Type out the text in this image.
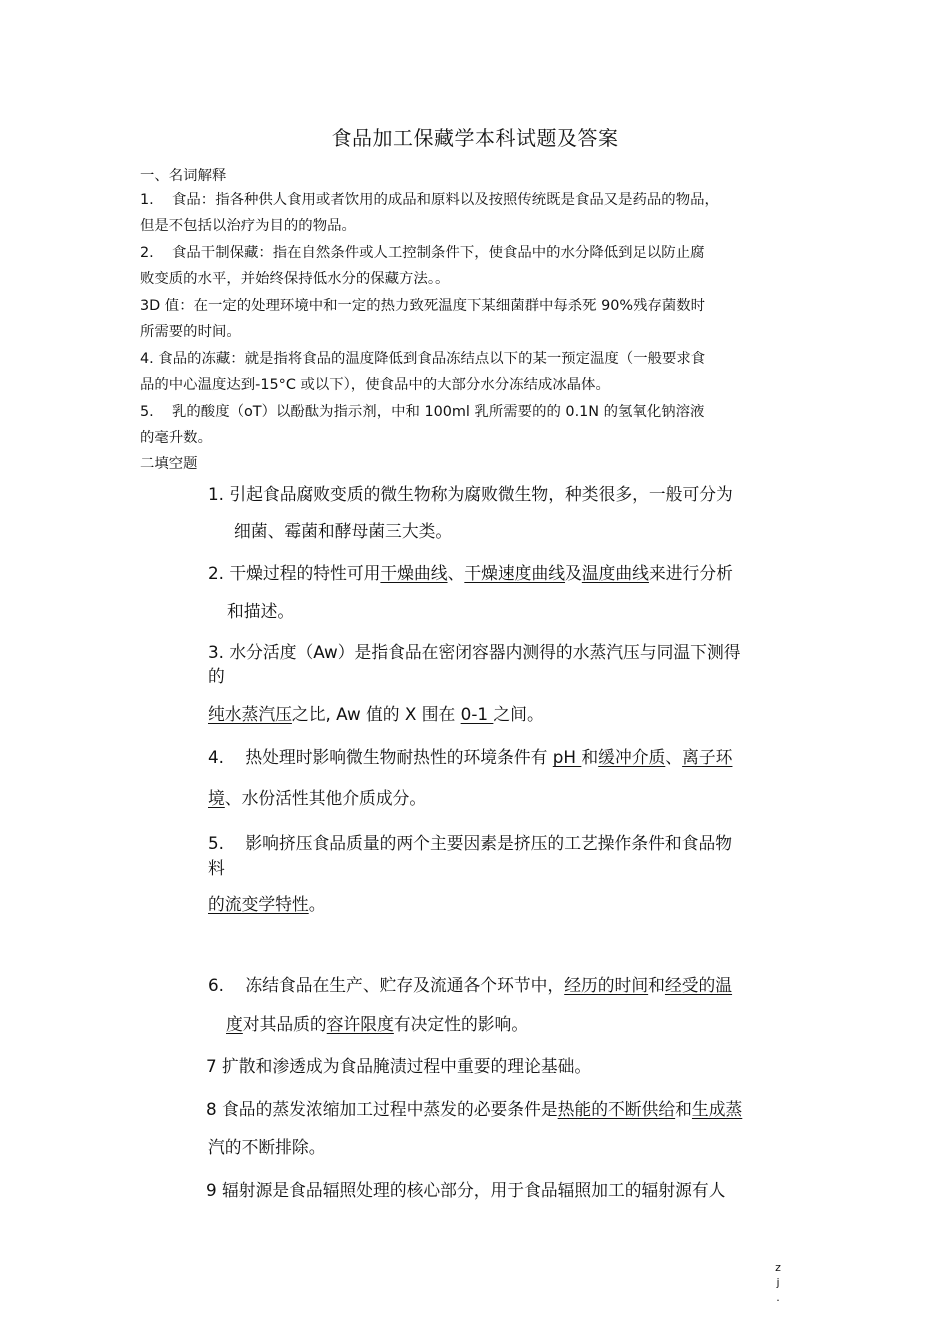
食品加工保藏学本科试题及答案
一、名词解释
1.    食品：指各种供人食用或者饮用的成品和原料以及按照传统既是食品又是药品的物品，
但是不包括以治疗为目的的物品。
2.    食品干制保藏：指在自然条件或人工控制条件下，使食品中的水分降低到足以防止腐
败变质的水平，并始终保持低水分的保藏方法。。
3D 值：在一定的处理环境中和一定的热力致死温度下某细菌群中每杀死 90%残存菌数时
所需要的时间。
4. 食品的冻藏：就是指将食品的温度降低到食品冻结点以下的某一预定温度（一般要求食
品的中心温度达到-15°C 或以下），使食品中的大部分水分冻结成冰晶体。
5.    乳的酸度（oT）以酚酞为指示剂，中和 100ml 乳所需要的的 0.1N 的氢氧化钠溶液
的毫升数。
二填空题
1. 引起食品腐败变质的微生物称为腐败微生物，种类很多，一般可分为
细菌、霉菌和酵母菌三大类。
2. 干燥过程的特性可用干燥曲线、干燥速度曲线及温度曲线来进行分析
和描述。
3. 水分活度（Aw）是指食品在密闭容器内测得的水蒸汽压与同温下测得
的
纯水蒸汽压之比, Aw 值的 X 围在 0-1 之间。
4.    热处理时影响微生物耐热性的环境条件有 pH 和缓冲介质、离子环
境、水份活性其他介质成分。
5.    影响挤压食品质量的两个主要因素是挤压的工艺操作条件和食品物
料
的流变学特性。
6.    冻结食品在生产、贮存及流通各个环节中，经历的时间和经受的温
度对其品质的容许限度有决定性的影响。
7 扩散和渗透成为食品腌渍过程中重要的理论基础。
8 食品的蒸发浓缩加工过程中蒸发的必要条件是热能的不断供给和生成蒸
汽的不断排除。
9 辐射源是食品辐照处理的核心部分，用于食品辐照加工的辐射源有人
z
j
.
